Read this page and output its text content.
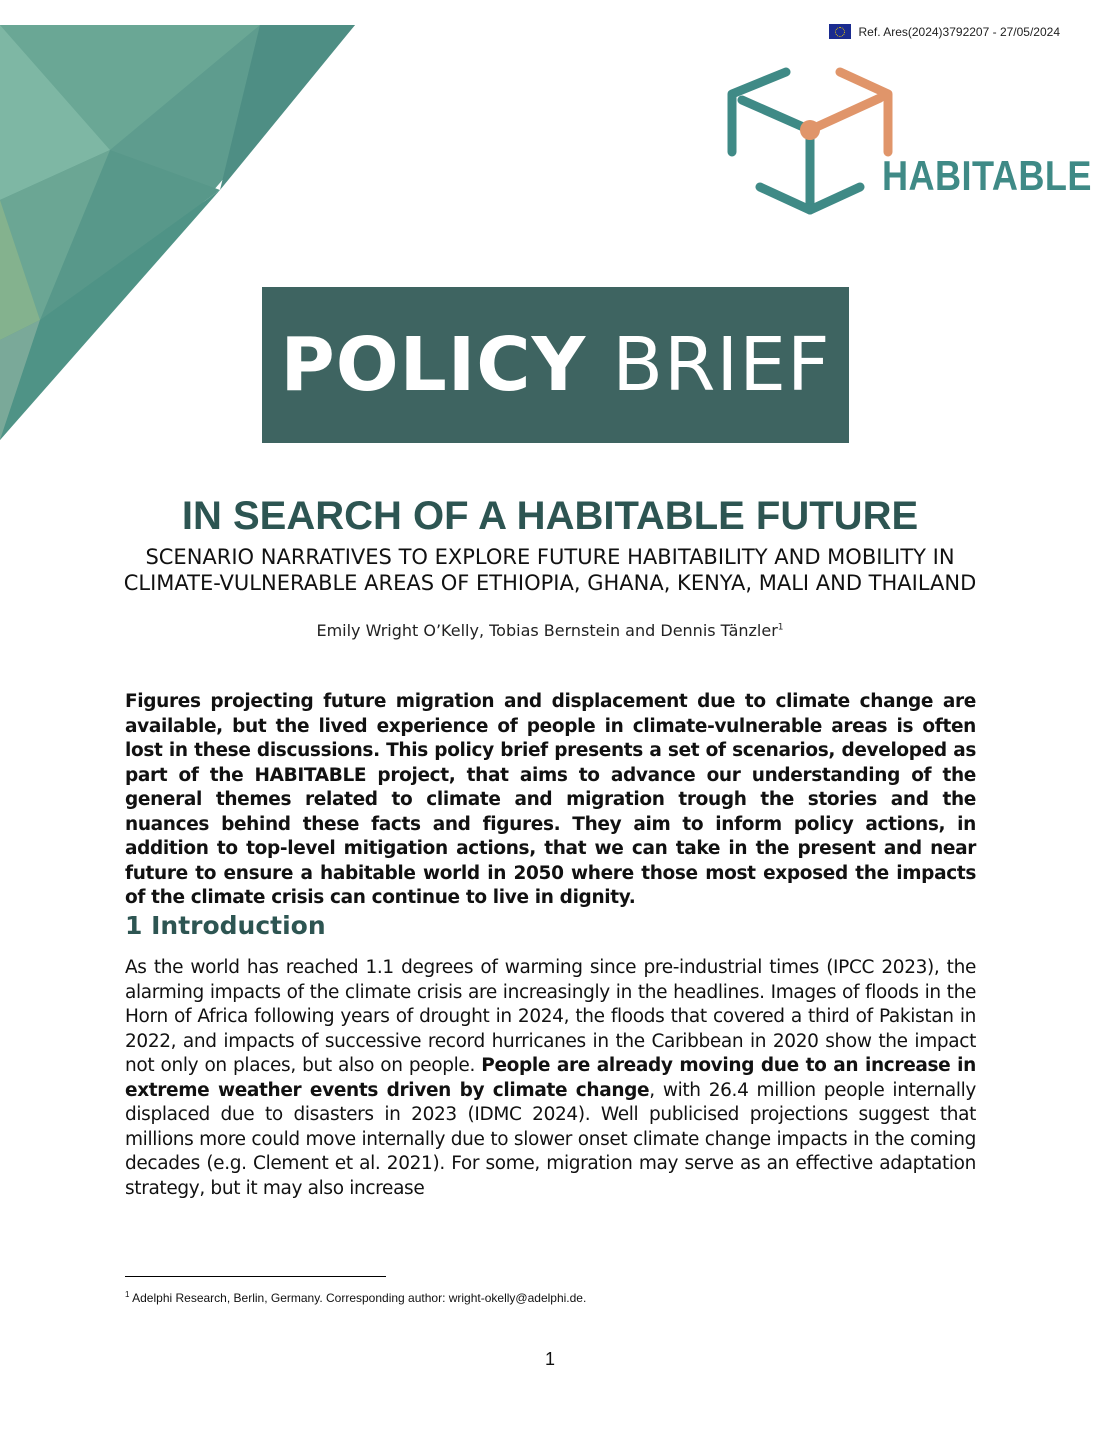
Ref. Ares(2024)3792207 - 27/05/2024
HABITABLE
POLICY BRIEF
IN SEARCH OF A HABITABLE FUTURE
SCENARIO NARRATIVES TO EXPLORE FUTURE HABITABILITY AND MOBILITY IN
CLIMATE-VULNERABLE AREAS OF ETHIOPIA, GHANA, KENYA, MALI AND THAILAND
Emily Wright O’Kelly, Tobias Bernstein and Dennis Tänzler$^1$
Figures projecting future migration and displacement due to climate change are available, but the lived experience of people in climate-vulnerable areas is often lost in these discussions. This policy brief presents a set of scenarios, developed as part of the HABITABLE project, that aims to advance our understanding of the general themes related to climate and migration trough the stories and the nuances behind these facts and figures. They aim to inform policy actions, in addition to top-level mitigation actions, that we can take in the present and near future to ensure a habitable world in 2050 where those most exposed the impacts of the climate crisis can continue to live in dignity.
1 Introduction
As the world has reached 1.1 degrees of warming since pre-industrial times (IPCC 2023), the alarming impacts of the climate crisis are increasingly in the headlines. Images of floods in the Horn of Africa following years of drought in 2024, the floods that covered a third of Pakistan in 2022, and impacts of successive record hurricanes in the Caribbean in 2020 show the impact not only on places, but also on people. People are already moving due to an increase in extreme weather events driven by climate change, with 26.4 million people internally displaced due to disasters in 2023 (IDMC 2024). Well publicised projections suggest that millions more could move internally due to slower onset climate change impacts in the coming decades (e.g. Clement et al. 2021). For some, migration may serve as an effective adaptation strategy, but it may also increase
$^1$ Adelphi Research, Berlin, Germany. Corresponding author: wright-okelly@adelphi.de.
1
